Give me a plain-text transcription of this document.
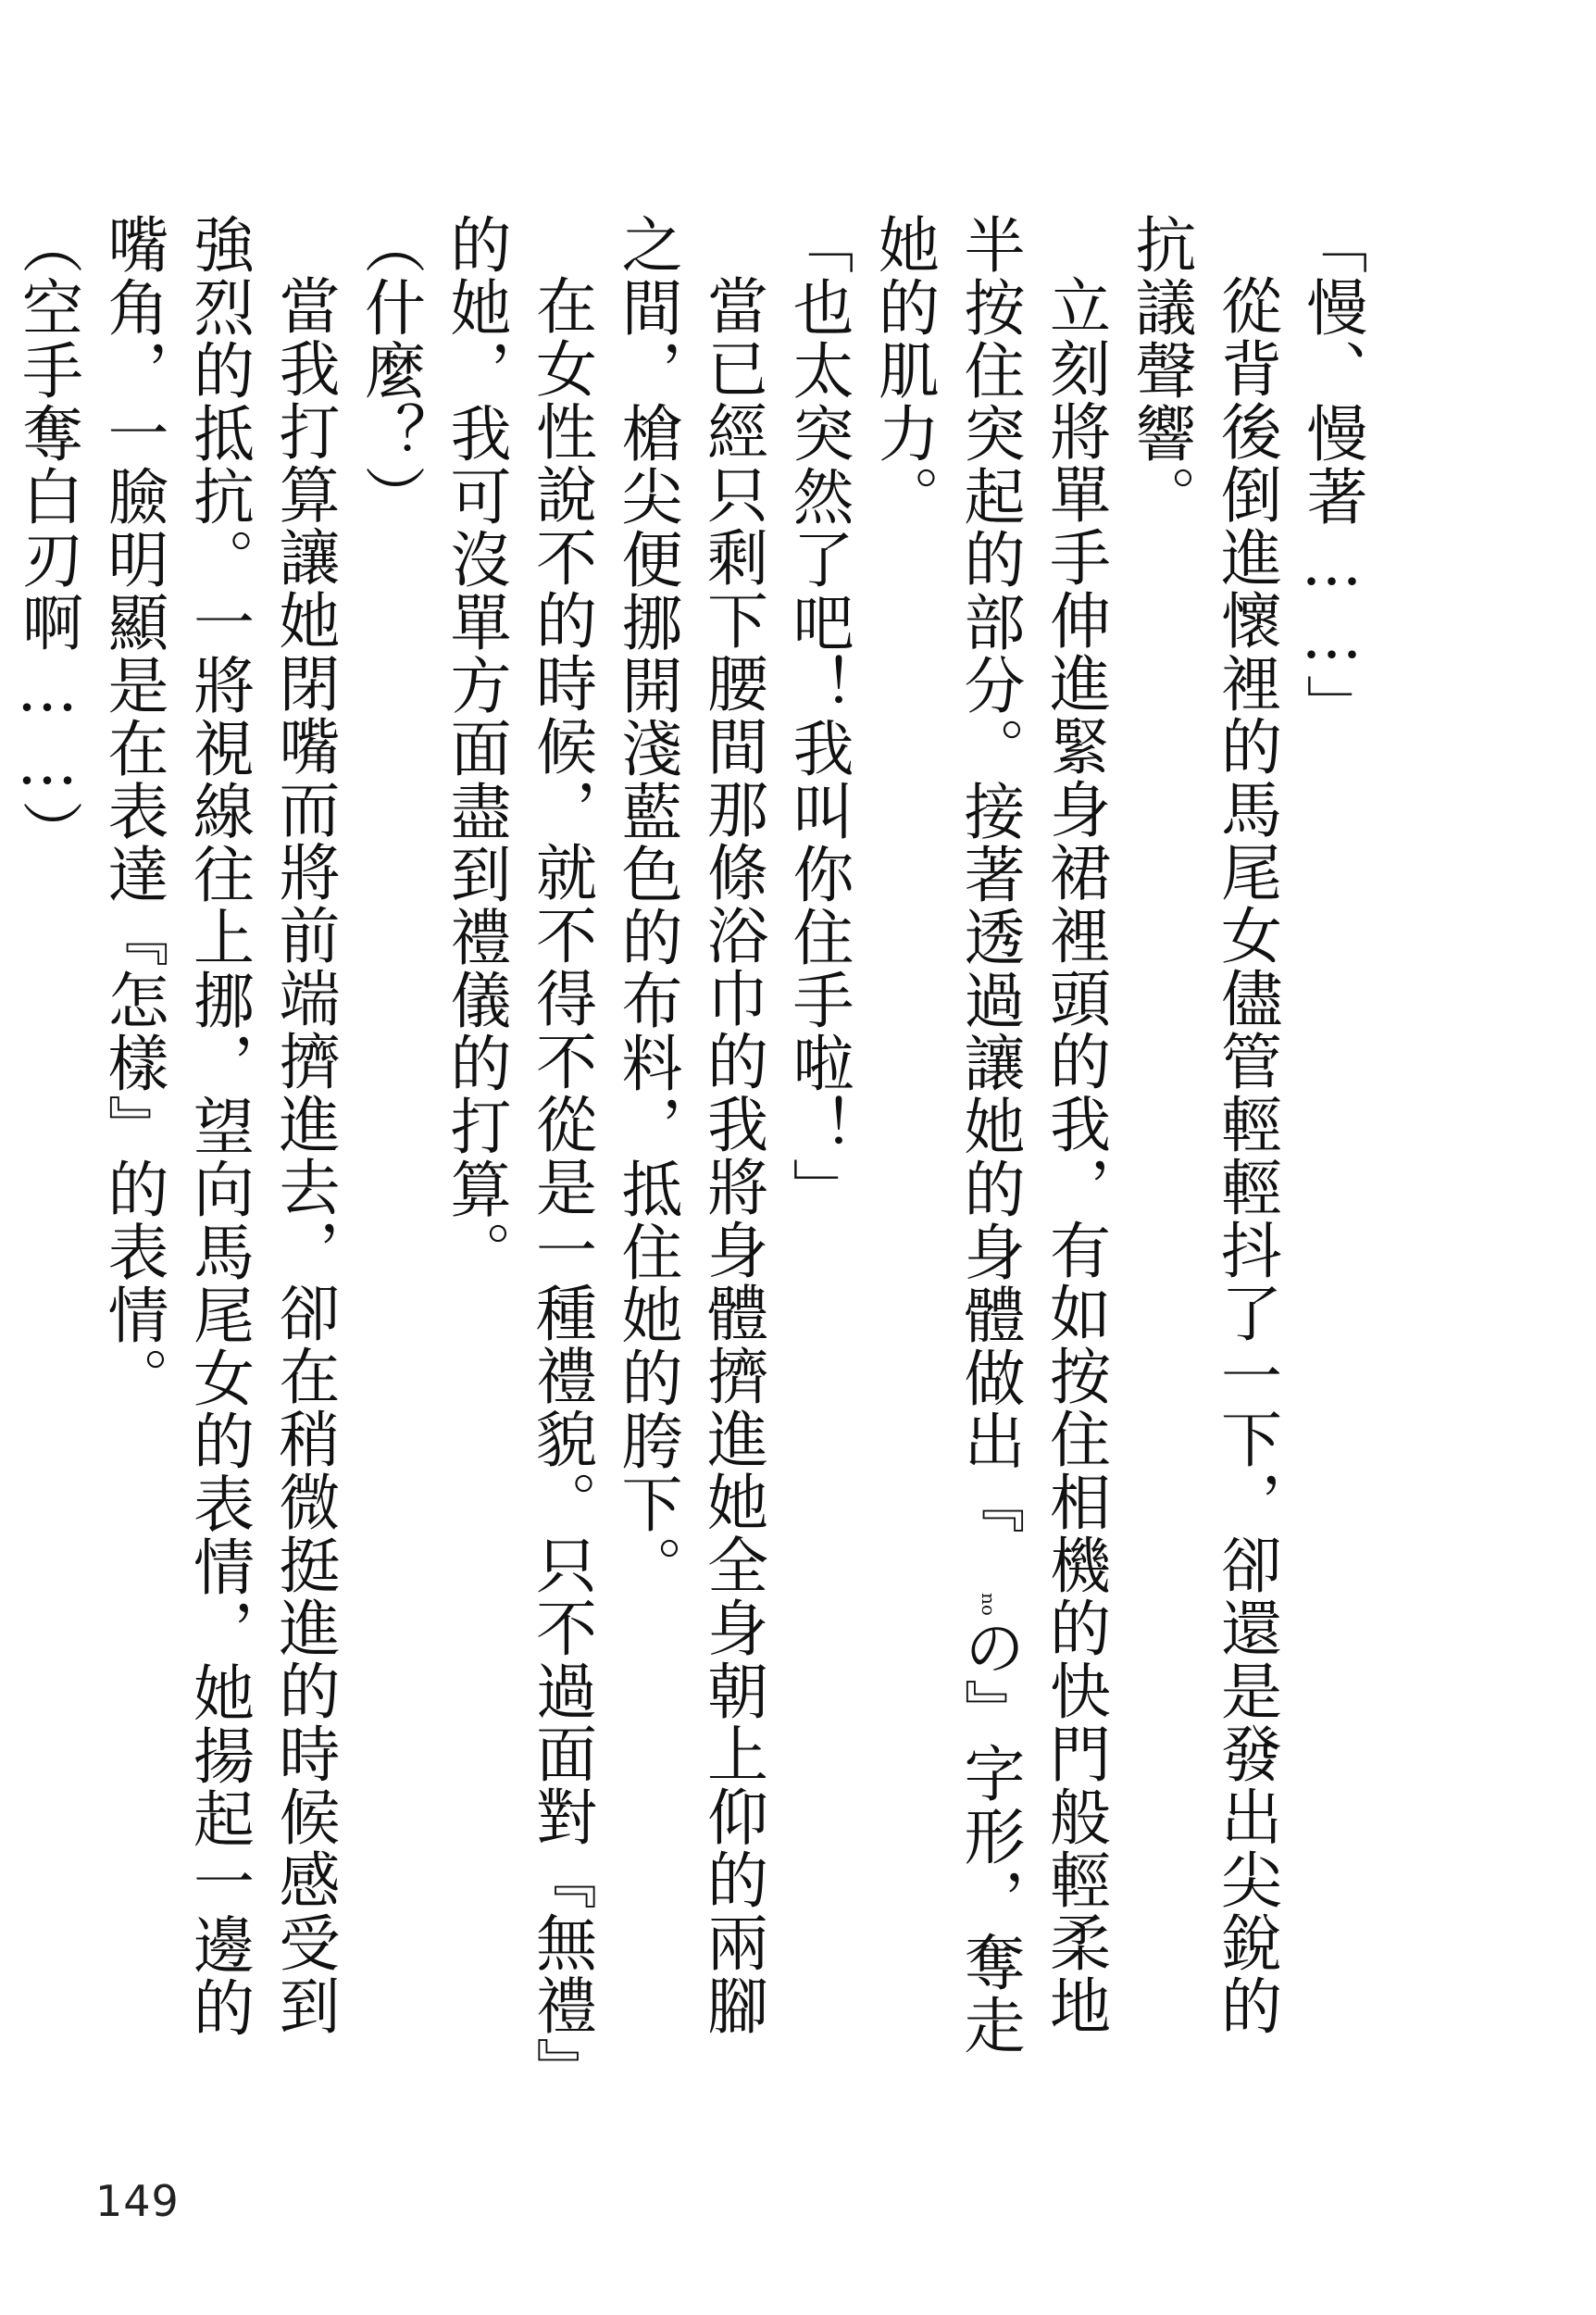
「慢、慢著……」

從背後倒進懷裡的馬尾女儘管輕輕抖了一下，卻還是發出尖銳的抗議聲響。

立刻將單手伸進緊身裙裡頭的我，有如按住相機的快門般輕柔地半按住突起的部分。接著透過讓她的身體做出『noの』字形，奪走她的肌力。

「也太突然了吧！我叫你住手啦！」

當已經只剩下腰間那條浴巾的我將身體擠進她全身朝上仰的兩腳之間，槍尖便挪開淺藍色的布料，抵住她的胯下。

在女性說不的時候，就不得不從是一種禮貌。只不過面對『無禮』的她，我可沒單方面盡到禮儀的打算。

（什麼？）

當我打算讓她閉嘴而將前端擠進去，卻在稍微挺進的時候感受到強烈的抵抗。一將視線往上挪，望向馬尾女的表情，她揚起一邊的嘴角，一臉明顯是在表達『怎樣』的表情。

（空手奪白刃啊……）

149
